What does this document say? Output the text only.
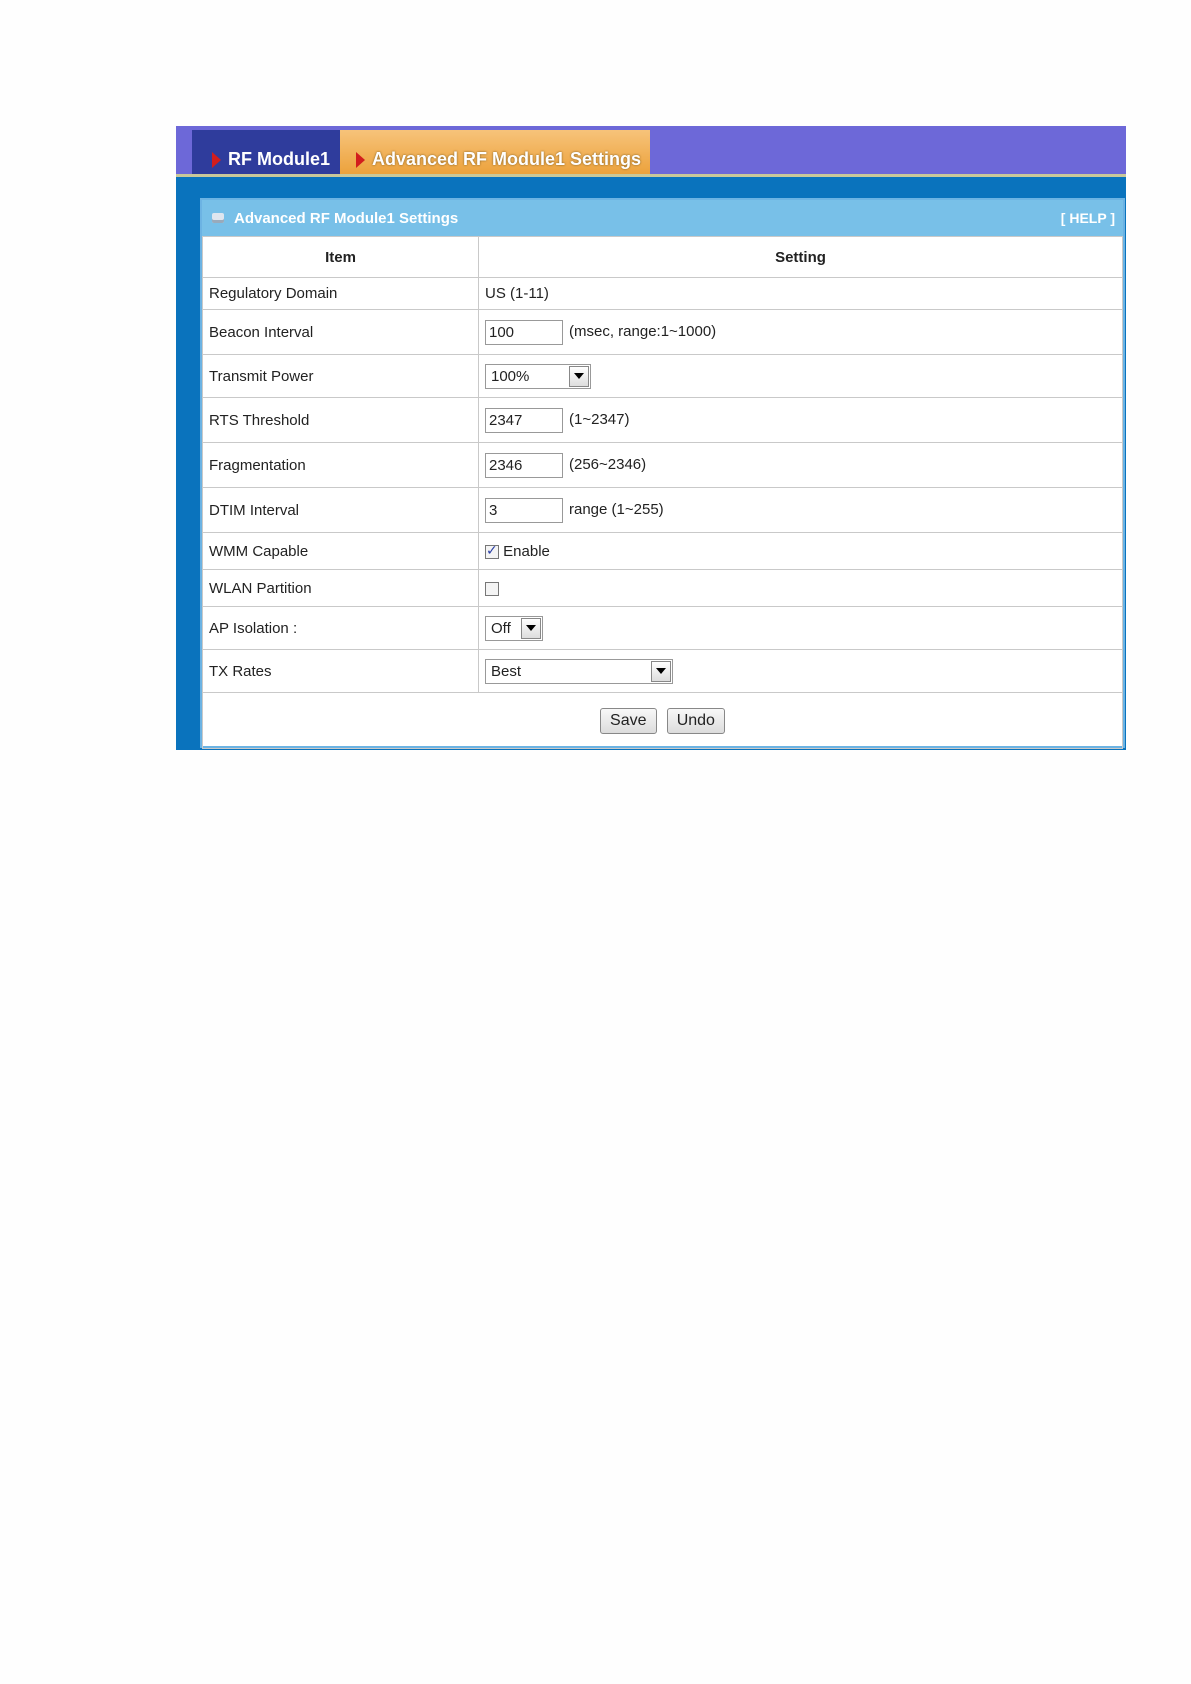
RF Module1 Advanced RF Module1 Settings
Advanced RF Module1 Settings	[ HELP ]
Item	Setting
Regulatory Domain	US (1-11)
Beacon Interval	100 (msec, range:1~1000)
Transmit Power	100%

RTS Threshold	2347 (1~2347)
Fragmentation	2346 (256~2346)
DTIM Interval	3 range (1~255)
WMM Capable	✓Enable
WLAN Partition	
AP Isolation :	Off

TX Rates	Best

Save Undo	
